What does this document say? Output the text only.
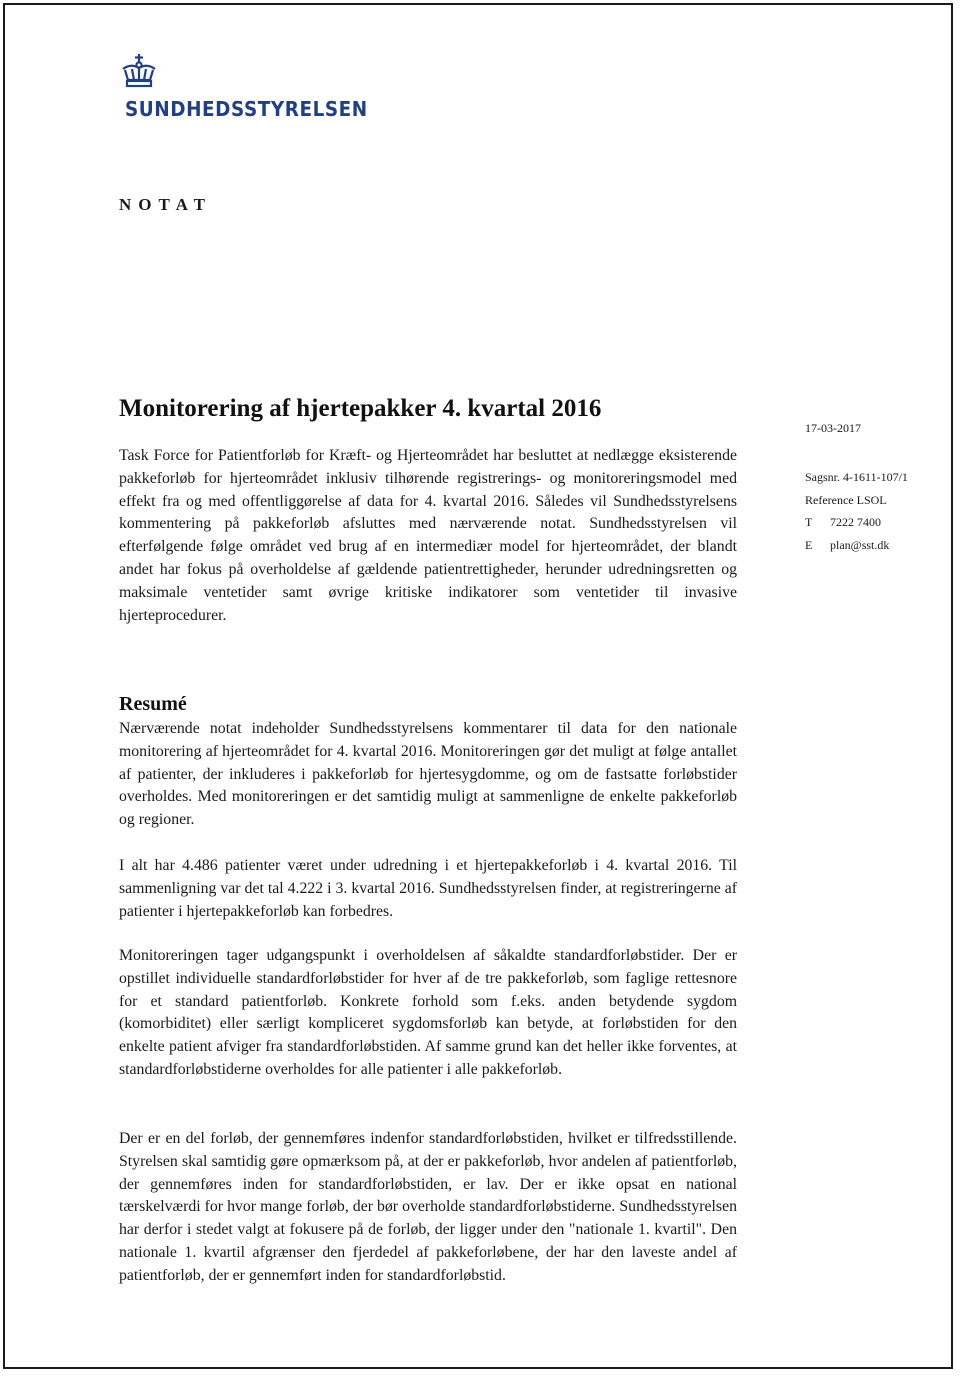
SUNDHEDSSTYRELSEN
NOTAT
Monitorering af hjertepakker 4. kvartal 2016

Task Force for Patientforløb for Kræft- og Hjerteområdet har besluttet at nedlægge eksisterende pakkeforløb for hjerteområdet inklusiv tilhørende registrerings- og monitoreringsmodel med effekt fra og med offentliggørelse af data for 4. kvartal 2016. Således vil Sundhedsstyrelsens kommentering på pakkeforløb afsluttes med nærværende notat. Sundhedsstyrelsen vil efterfølgende følge området ved brug af en intermediær model for hjerteområdet, der blandt andet har fokus på overholdelse af gældende patientrettigheder, herunder udredningsretten og maksimale ventetider samt øvrige kritiske indikatorer som ventetider til invasive hjerteprocedurer.

Resumé

Nærværende notat indeholder Sundhedsstyrelsens kommentarer til data for den nationale monitorering af hjerteområdet for 4. kvartal 2016. Monitoreringen gør det muligt at følge antallet af patienter, der inkluderes i pakkeforløb for hjertesygdomme, og om de fastsatte forløbstider overholdes. Med monitoreringen er det samtidig muligt at sammenligne de enkelte pakkeforløb og regioner.

I alt har 4.486 patienter været under udredning i et hjertepakkeforløb i 4. kvartal 2016. Til sammenligning var det tal 4.222 i 3. kvartal 2016. Sundhedsstyrelsen finder, at registreringerne af patienter i hjertepakkeforløb kan forbedres.

Monitoreringen tager udgangspunkt i overholdelsen af såkaldte standardforløbstider. Der er opstillet individuelle standardforløbstider for hver af de tre pakkeforløb, som faglige rettesnore for et standard patientforløb. Konkrete forhold som f.eks. anden betydende sygdom (komorbiditet) eller særligt kompliceret sygdomsforløb kan betyde, at forløbstiden for den enkelte patient afviger fra standardforløbstiden. Af samme grund kan det heller ikke forventes, at standardforløbstiderne overholdes for alle patienter i alle pakkeforløb.

Der er en del forløb, der gennemføres indenfor standardforløbstiden, hvilket er tilfredsstillende. Styrelsen skal samtidig gøre opmærksom på, at der er pakkeforløb, hvor andelen af patientforløb, der gennemføres inden for standardforløbstiden, er lav. Der er ikke opsat en national tærskelværdi for hvor mange forløb, der bør overholde standardforløbstiderne. Sundhedsstyrelsen har derfor i stedet valgt at fokusere på de forløb, der ligger under den "nationale 1. kvartil". Den nationale 1. kvartil afgrænser den fjerdedel af pakkeforløbene, der har den laveste andel af patientforløb, der er gennemført inden for standardforløbstid.

17-03-2017
Sagsnr. 4-1611-107/1
Reference LSOL
T 7222 7400
E plan@sst.dk
